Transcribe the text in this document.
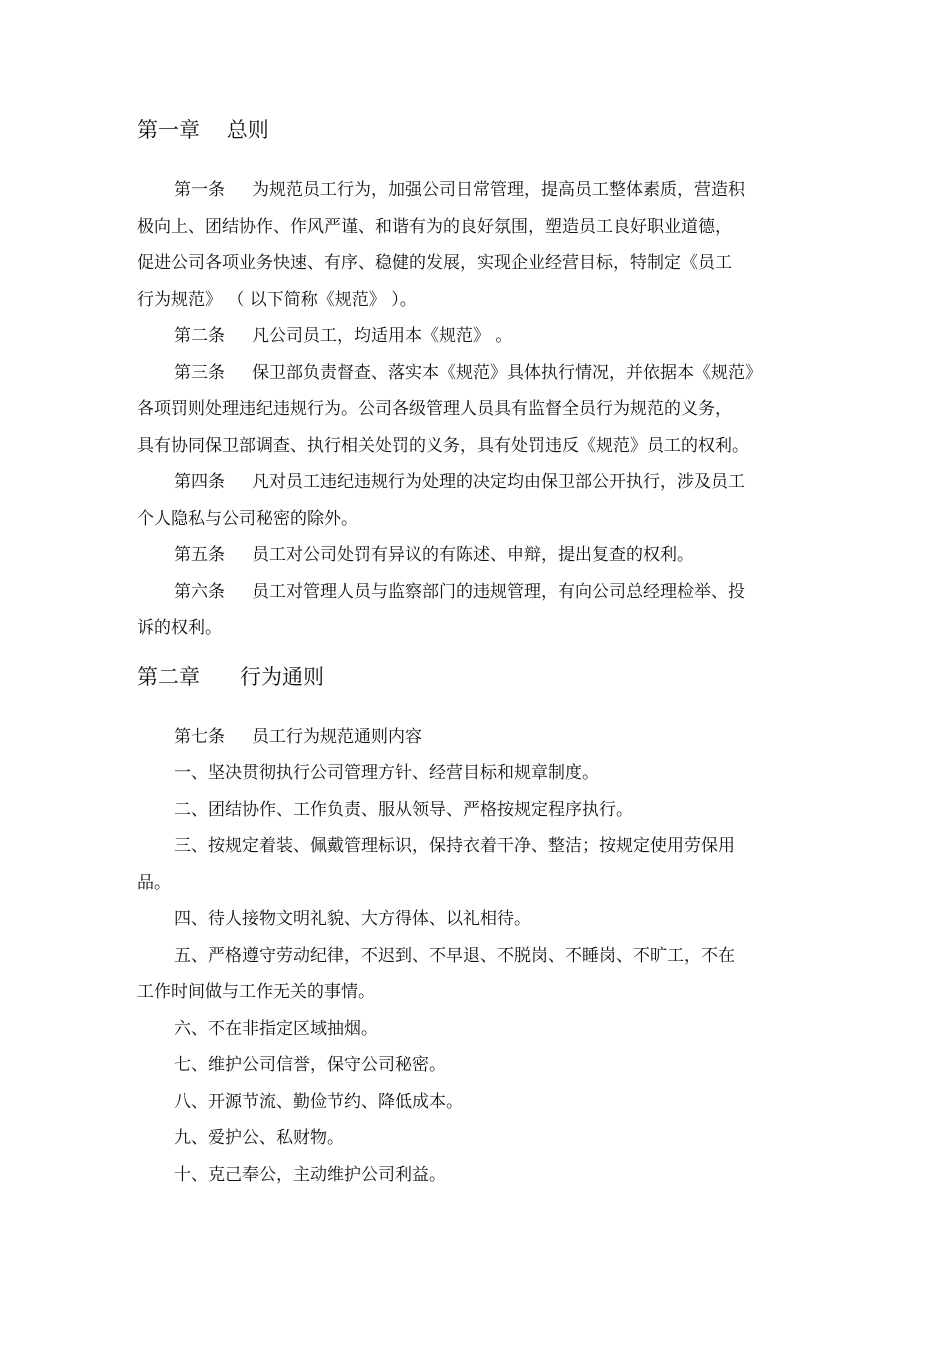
第一章    总则

第一条     为规范员工行为，加强公司日常管理，提高员工整体素质，营造积
极向上、团结协作、作风严谨、和谐有为的良好氛围，塑造员工良好职业道德，
促进公司各项业务快速、有序、稳健的发展，实现企业经营目标，特制定《员工
行为规范》 （ 以下简称《规范》 ）。

第二条     凡公司员工，均适用本《规范》 。

第三条     保卫部负责督查、落实本《规范》具体执行情况，并依据本《规范》
各项罚则处理违纪违规行为。公司各级管理人员具有监督全员行为规范的义务，
具有协同保卫部调查、执行相关处罚的义务，具有处罚违反《规范》员工的权利。

第四条     凡对员工违纪违规行为处理的决定均由保卫部公开执行，涉及员工
个人隐私与公司秘密的除外。

第五条     员工对公司处罚有异议的有陈述、申辩，提出复查的权利。

第六条     员工对管理人员与监察部门的违规管理，有向公司总经理检举、投
诉的权利。

第二章      行为通则

第七条     员工行为规范通则内容

一、坚决贯彻执行公司管理方针、经营目标和规章制度。

二、团结协作、工作负责、服从领导、严格按规定程序执行。

三、按规定着装、佩戴管理标识，保持衣着干净、整洁；按规定使用劳保用
品。

四、待人接物文明礼貌、大方得体、以礼相待。

五、严格遵守劳动纪律，不迟到、不早退、不脱岗、不睡岗、不旷工，不在
工作时间做与工作无关的事情。

六、不在非指定区域抽烟。

七、维护公司信誉，保守公司秘密。

八、开源节流、勤俭节约、降低成本。

九、爱护公、私财物。

十、克己奉公，主动维护公司利益。
